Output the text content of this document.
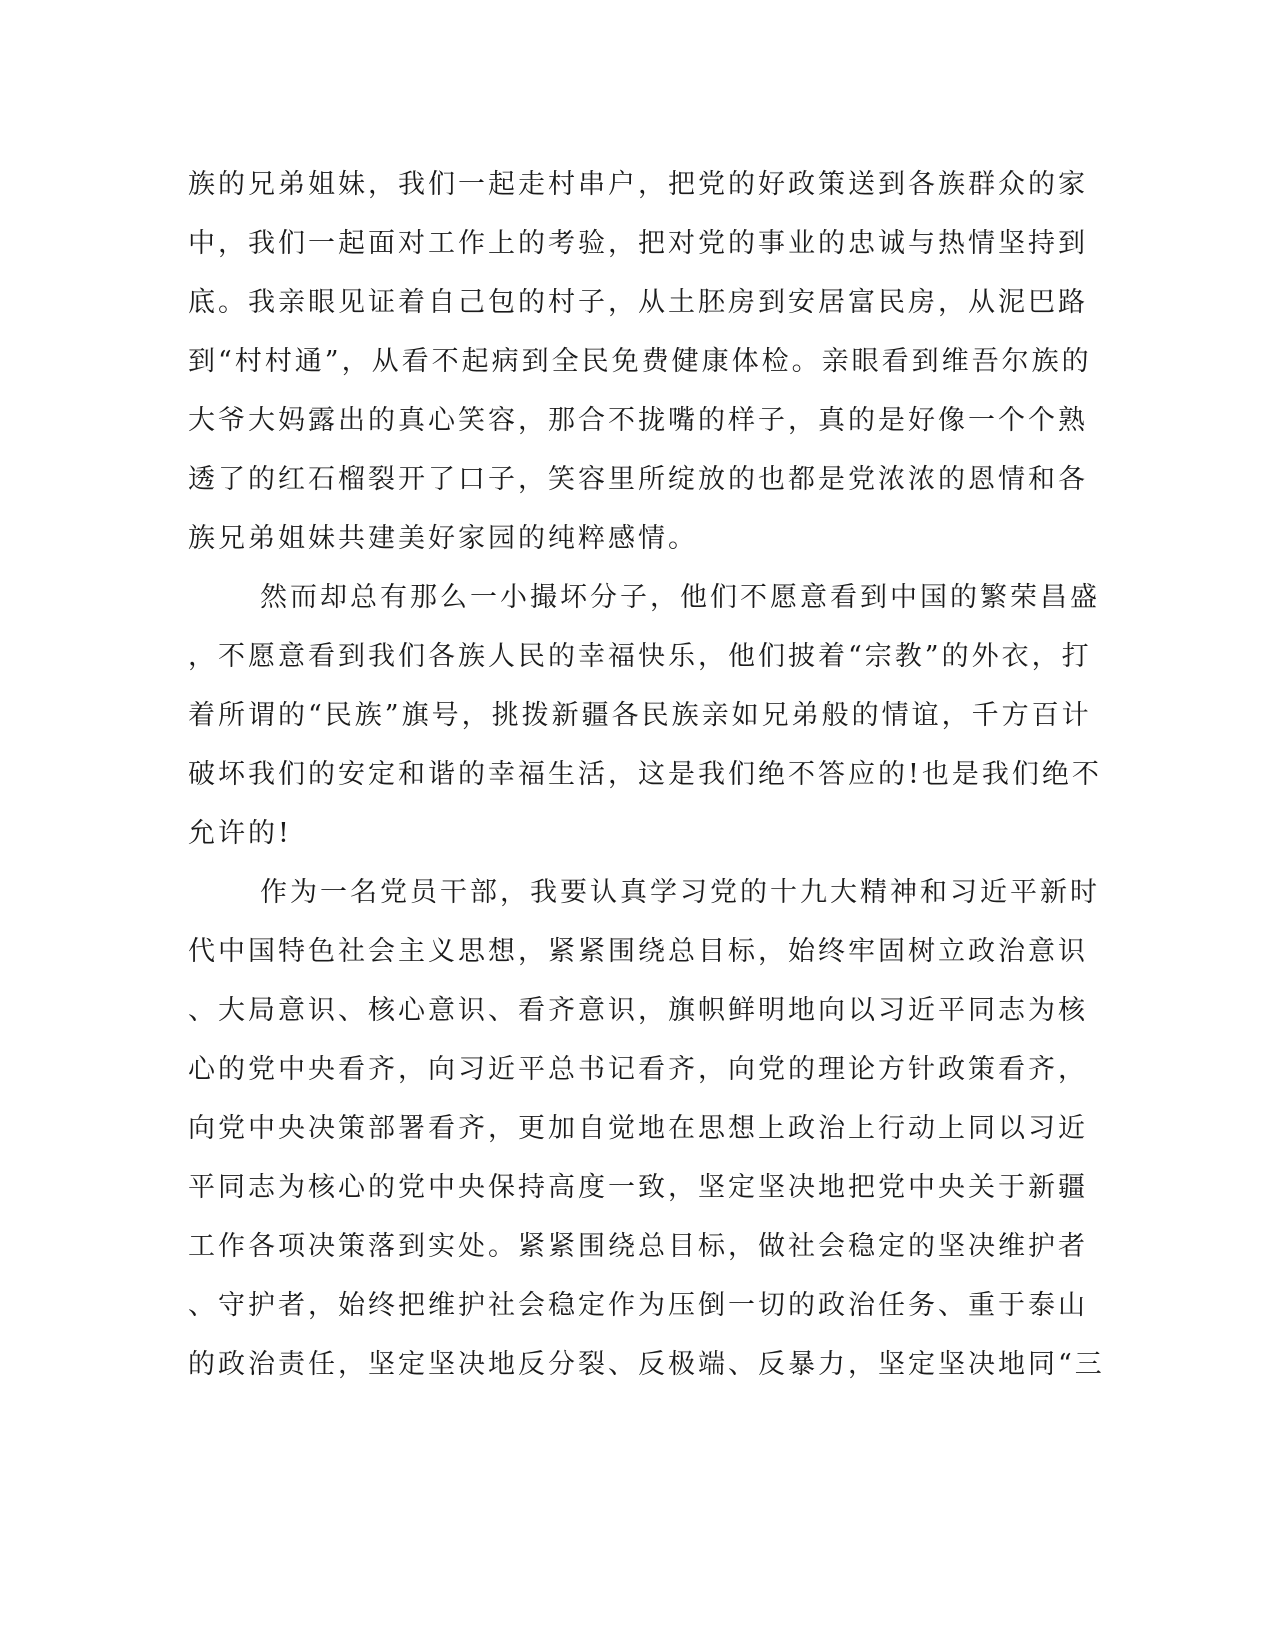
族的兄弟姐妹，我们一起走村串户，把党的好政策送到各族群众的家
中，我们一起面对工作上的考验，把对党的事业的忠诚与热情坚持到
底。我亲眼见证着自己包的村子，从土胚房到安居富民房，从泥巴路
到“村村通”，从看不起病到全民免费健康体检。亲眼看到维吾尔族的
大爷大妈露出的真心笑容，那合不拢嘴的样子，真的是好像一个个熟
透了的红石榴裂开了口子，笑容里所绽放的也都是党浓浓的恩情和各
族兄弟姐妹共建美好家园的纯粹感情。
然而却总有那么一小撮坏分子，他们不愿意看到中国的繁荣昌盛
，不愿意看到我们各族人民的幸福快乐，他们披着“宗教”的外衣，打
着所谓的“民族”旗号，挑拨新疆各民族亲如兄弟般的情谊，千方百计
破坏我们的安定和谐的幸福生活，这是我们绝不答应的!也是我们绝不
允许的!
作为一名党员干部，我要认真学习党的十九大精神和习近平新时
代中国特色社会主义思想，紧紧围绕总目标，始终牢固树立政治意识
、大局意识、核心意识、看齐意识，旗帜鲜明地向以习近平同志为核
心的党中央看齐，向习近平总书记看齐，向党的理论方针政策看齐，
向党中央决策部署看齐，更加自觉地在思想上政治上行动上同以习近
平同志为核心的党中央保持高度一致，坚定坚决地把党中央关于新疆
工作各项决策落到实处。紧紧围绕总目标，做社会稳定的坚决维护者
、守护者，始终把维护社会稳定作为压倒一切的政治任务、重于泰山
的政治责任，坚定坚决地反分裂、反极端、反暴力，坚定坚决地同“三
